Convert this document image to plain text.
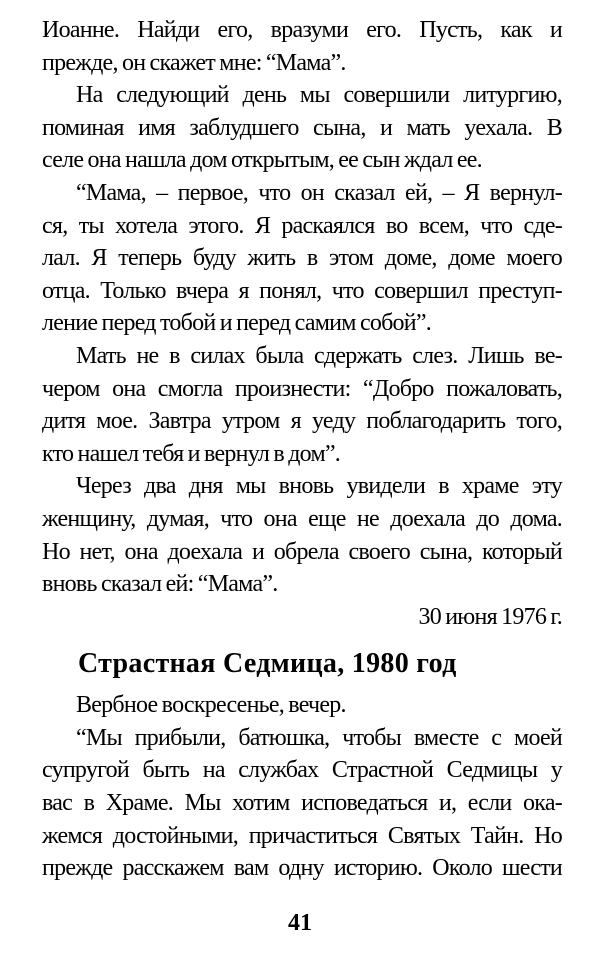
Иоанне. Найди его, вразуми его. Пусть, как и
прежде, он скажет мне: “Мама”.
На следующий день мы совершили литургию,
поминая имя заблудшего сына, и мать уехала. В
селе она нашла дом открытым, ее сын ждал ее.
“Мама, – первое, что он сказал ей, – Я вернул-
ся, ты хотела этого. Я раскаялся во всем, что сде-
лал. Я теперь буду жить в этом доме, доме моего
отца. Только вчера я понял, что совершил преступ-
ление перед тобой и перед самим собой”.
Мать не в силах была сдержать слез. Лишь ве-
чером она смогла произнести: “Добро пожаловать,
дитя мое. Завтра утром я уеду поблагодарить того,
кто нашел тебя и вернул в дом”.
Через два дня мы вновь увидели в храме эту
женщину, думая, что она еще не доехала до дома.
Но нет, она доехала и обрела своего сына, который
вновь сказал ей: “Мама”.
30 июня 1976 г.
Страстная Седмица, 1980 год
Вербное воскресенье, вечер.
“Мы прибыли, батюшка, чтобы вместе с моей
супругой быть на службах Страстной Седмицы у
вас в Храме. Мы хотим исповедаться и, если ока-
жемся достойными, причаститься Святых Тайн. Но
прежде расскажем вам одну историю. Около шести
41
